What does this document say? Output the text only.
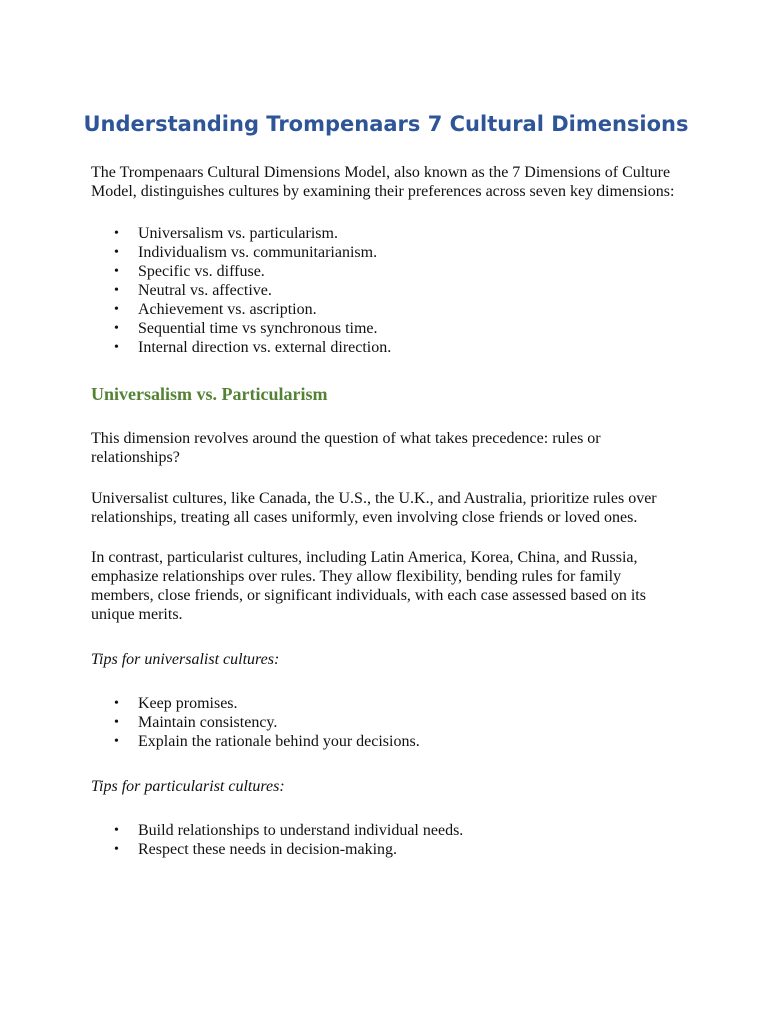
Understanding Trompenaars 7 Cultural Dimensions

The Trompenaars Cultural Dimensions Model, also known as the 7 Dimensions of Culture Model, distinguishes cultures by examining their preferences across seven key dimensions:

• Universalism vs. particularism.
• Individualism vs. communitarianism.
• Specific vs. diffuse.
• Neutral vs. affective.
• Achievement vs. ascription.
• Sequential time vs synchronous time.
• Internal direction vs. external direction.
Universalism vs. Particularism

This dimension revolves around the question of what takes precedence: rules or relationships?

Universalist cultures, like Canada, the U.S., the U.K., and Australia, prioritize rules over relationships, treating all cases uniformly, even involving close friends or loved ones.

In contrast, particularist cultures, including Latin America, Korea, China, and Russia, emphasize relationships over rules. They allow flexibility, bending rules for family members, close friends, or significant individuals, with each case assessed based on its unique merits.

Tips for universalist cultures:

• Keep promises.
• Maintain consistency.
• Explain the rationale behind your decisions.

Tips for particularist cultures:

• Build relationships to understand individual needs.
• Respect these needs in decision-making.
